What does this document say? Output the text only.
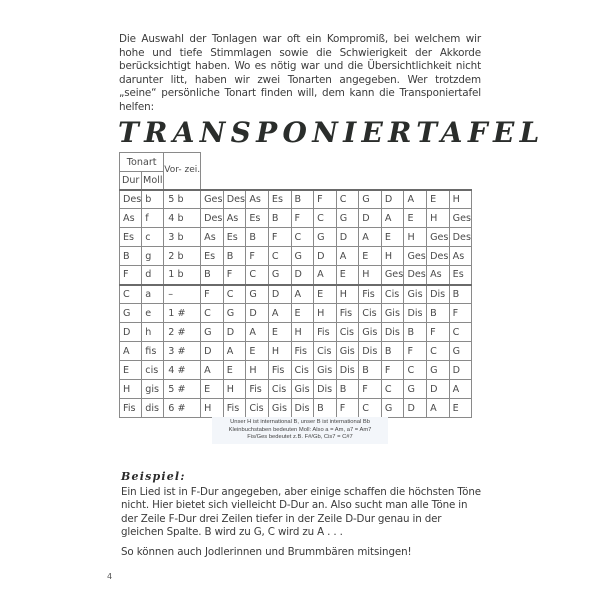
Die Auswahl der Tonlagen war oft ein Kompromiß, bei welchem wir hohe und tiefe Stimmlagen sowie die Schwierigkeit der Akkorde berücksichtigt haben. Wo es nötig war und die Übersichtlichkeit nicht darunter litt, haben wir zwei Tonarten angegeben. Wer trotzdem „seine“ persönliche Tonart finden will, dem kann die Transponiertafel helfen:
TRANSPONIERTAFEL
Tonart		Vor- zei.												
Dur	Moll													
Des	b	5 b	Ges	Des	As	Es	B	F	C	G	D	A	E	H
As	f	4 b	Des	As	Es	B	F	C	G	D	A	E	H	Ges
Es	c	3 b	As	Es	B	F	C	G	D	A	E	H	Ges	Des
B	g	2 b	Es	B	F	C	G	D	A	E	H	Ges	Des	As
F	d	1 b	B	F	C	G	D	A	E	H	Ges	Des	As	Es
C	a	–	F	C	G	D	A	E	H	Fis	Cis	Gis	Dis	B
G	e	1 #	C	G	D	A	E	H	Fis	Cis	Gis	Dis	B	F
D	h	2 #	G	D	A	E	H	Fis	Cis	Gis	Dis	B	F	C
A	fis	3 #	D	A	E	H	Fis	Cis	Gis	Dis	B	F	C	G
E	cis	4 #	A	E	H	Fis	Cis	Gis	Dis	B	F	C	G	D
H	gis	5 #	E	H	Fis	Cis	Gis	Dis	B	F	C	G	D	A
Fis	dis	6 #	H	Fis	Cis	Gis	Dis	B	F	C	G	D	A	E
Unser H ist international B, unser B ist international Bb
Kleinbuchstaben bedeuten Moll: Also a = Am, a7 = Am7
Fis/Ges bedeutet z.B. F#/Gb, Cis7 = C#7
Beispiel:
Ein Lied ist in F-Dur angegeben, aber einige schaffen die höchsten Töne nicht. Hier bietet sich vielleicht D-Dur an. Also sucht man alle Töne in der Zeile F-Dur drei Zeilen tiefer in der Zeile D-Dur genau in der gleichen Spalte. B wird zu G, C wird zu A . . .
So können auch Jodlerinnen und Brummbären mitsingen!
4
